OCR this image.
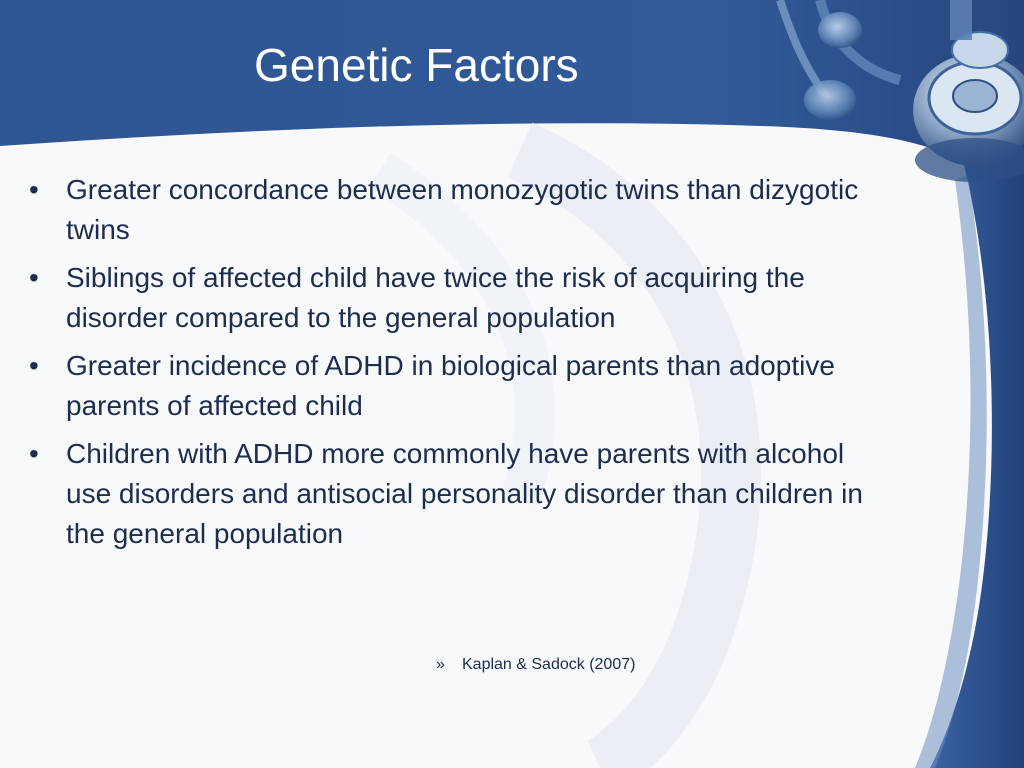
Genetic Factors
• Greater concordance between monozygotic twins than dizygotic twins
• Siblings of affected child have twice the risk of acquiring the disorder compared to the general population
• Greater incidence of ADHD in biological parents than adoptive parents of affected child
• Children with ADHD more commonly have parents with alcohol use disorders and antisocial personality disorder than children in the general population
» Kaplan & Sadock (2007)
